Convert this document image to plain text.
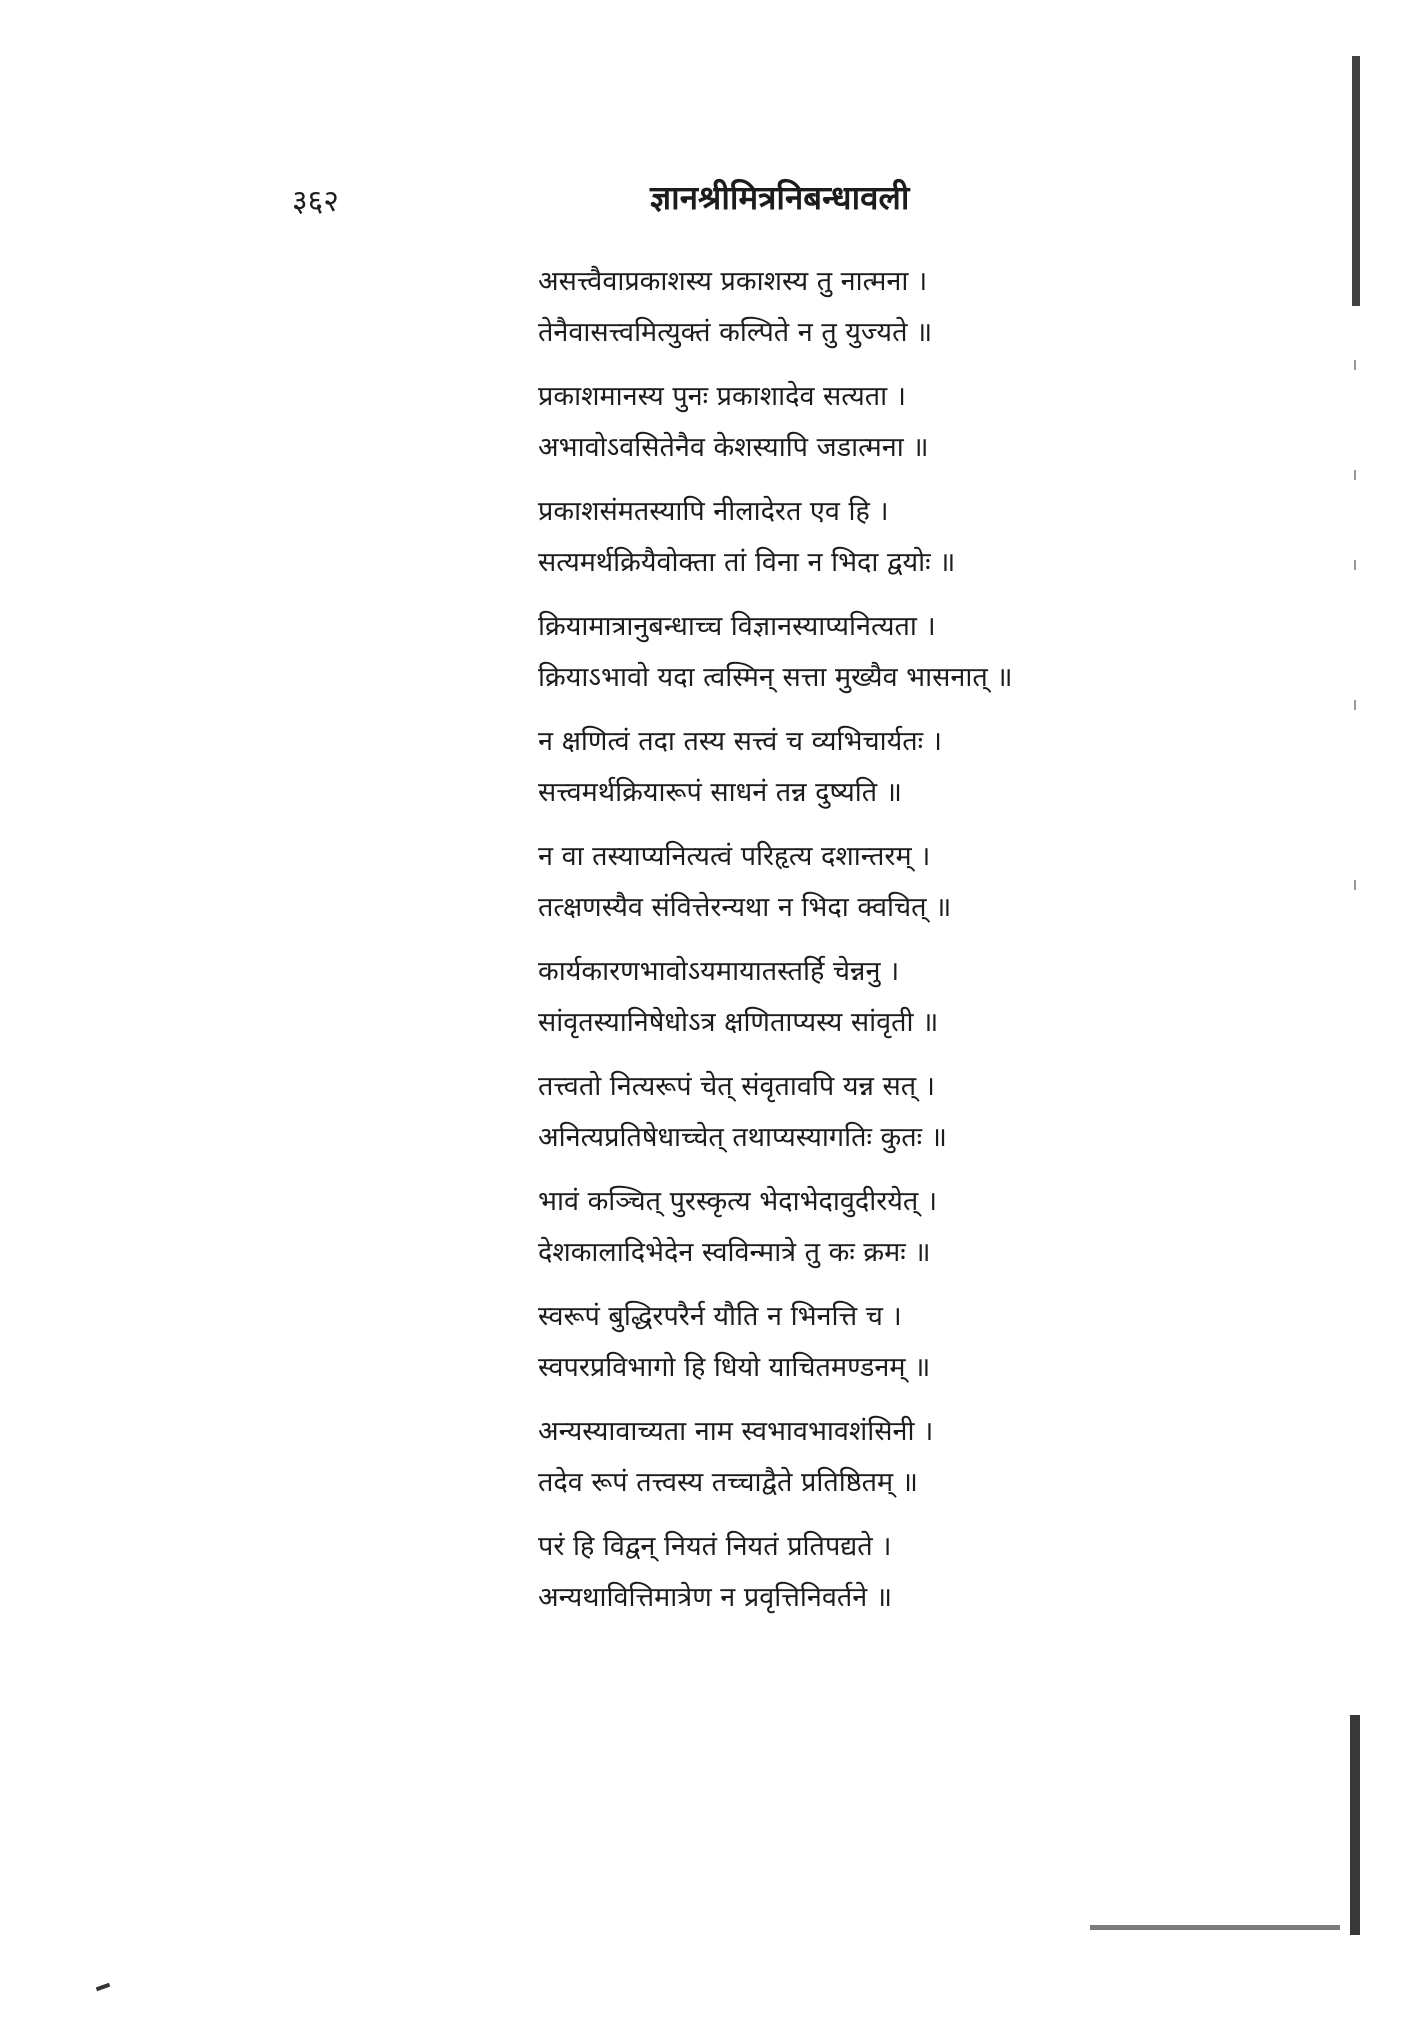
३६२	ज्ञानश्रीमित्रनिबन्धावली
असत्त्वैवाप्रकाशस्य प्रकाशस्य तु नात्मना ।
तेनैवासत्त्वमित्युक्तं कल्पिते न तु युज्यते ॥
प्रकाशमानस्य पुनः प्रकाशादेव सत्यता ।
अभावोऽवसितेनैव केशस्यापि जडात्मना ॥
प्रकाशसंमतस्यापि नीलादेरत एव हि ।
सत्यमर्थक्रियैवोक्ता तां विना न भिदा द्वयोः ॥
क्रियामात्रानुबन्धाच्च विज्ञानस्याप्यनित्यता ।
क्रियाऽभावो यदा त्वस्मिन् सत्ता मुख्यैव भासनात् ॥
न क्षणित्वं तदा तस्य सत्त्वं च व्यभिचार्यतः ।
सत्त्वमर्थक्रियारूपं साधनं तन्न दुष्यति ॥
न वा तस्याप्यनित्यत्वं परिहृत्य दशान्तरम् ।
तत्क्षणस्यैव संवित्तेरन्यथा न भिदा क्वचित् ॥
कार्यकारणभावोऽयमायातस्तर्हि चेन्ननु ।
सांवृतस्यानिषेधोऽत्र क्षणिताप्यस्य सांवृती ॥
तत्त्वतो नित्यरूपं चेत् संवृतावपि यन्न सत् ।
अनित्यप्रतिषेधाच्चेत् तथाप्यस्यागतिः कुतः ॥
भावं कञ्चित् पुरस्कृत्य भेदाभेदावुदीरयेत् ।
देशकालादिभेदेन स्वविन्मात्रे तु कः क्रमः ॥
स्वरूपं बुद्धिरपरैर्न यौति न भिनत्ति च ।
स्वपरप्रविभागो हि धियो याचितमण्डनम् ॥
अन्यस्यावाच्यता नाम स्वभावभावशंसिनी ।
तदेव रूपं तत्त्वस्य तच्चाद्वैते प्रतिष्ठितम् ॥
परं हि विद्वन् नियतं नियतं प्रतिपद्यते ।
अन्यथावित्तिमात्रेण न प्रवृत्तिनिवर्तने ॥
